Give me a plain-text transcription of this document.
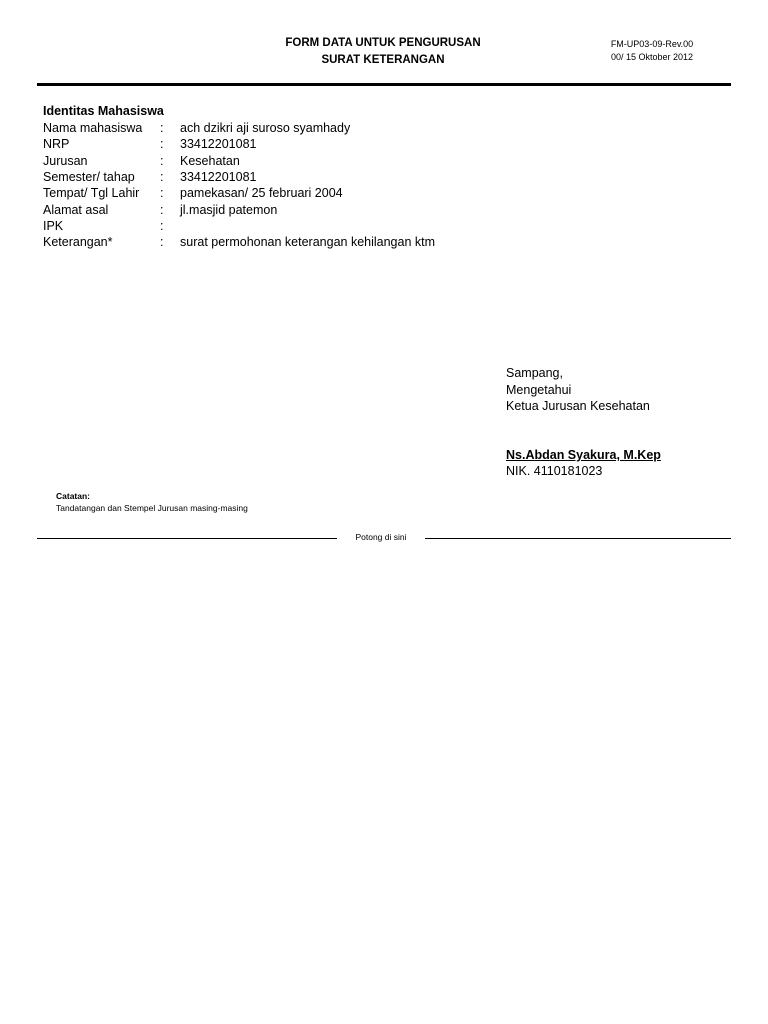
FORM DATA UNTUK PENGURUSAN
SURAT KETERANGAN
FM-UP03-09-Rev.00
00/ 15 Oktober 2012
Identitas Mahasiswa
Nama mahasiswa : ach dzikri aji suroso syamhady
NRP	: 33412201081
Jurusan	: Kesehatan
Semester/ tahap : 33412201081
Tempat/ Tgl Lahir : pamekasan/ 25 februari 2004
Alamat asal	: jl.masjid patemon
IPK	:
Keterangan*	: surat permohonan keterangan kehilangan ktm
Sampang,
Mengetahui
Ketua Jurusan Kesehatan
Ns.Abdan Syakura, M.Kep
NIK. 4110181023
Catatan:
Tandatangan dan Stempel Jurusan masing-masing
Potong di sini
